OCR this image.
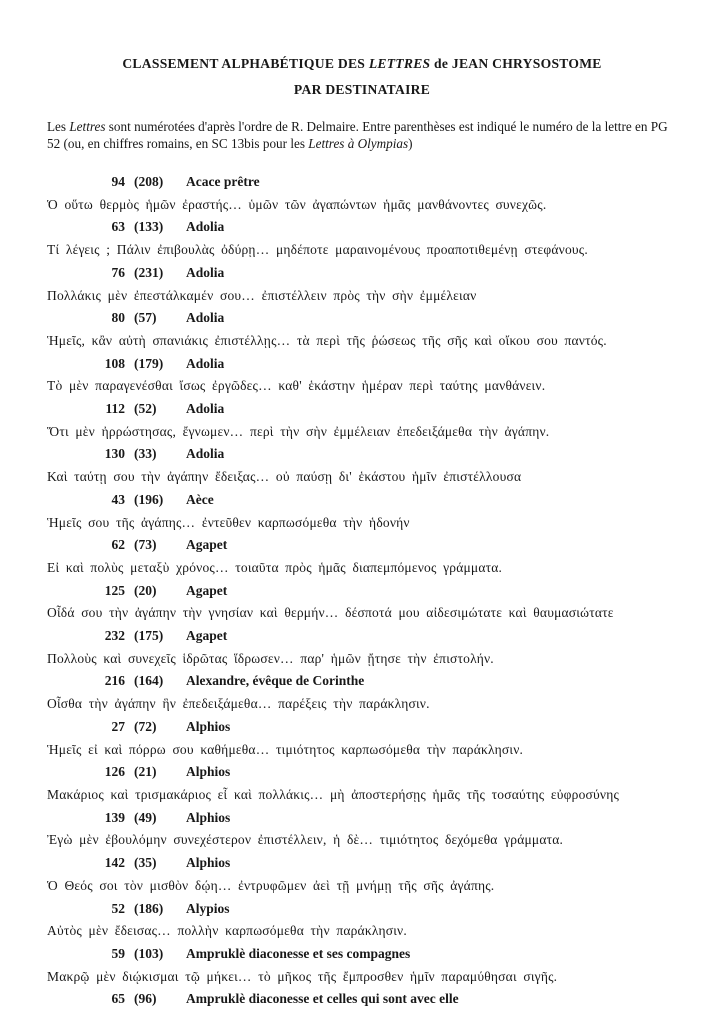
CLASSEMENT ALPHABÉTIQUE DES LETTRES de JEAN CHRYSOSTOME
PAR DESTINATAIRE

Les Lettres sont numérotées d'après l'ordre de R. Delmaire. Entre parenthèses est indiqué le numéro de la lettre en PG 52 (ou, en chiffres romains, en SC 13bis pour les Lettres à Olympias)

94 (208)	Acace prêtre
Ὁ οὕτω θερμὸς ἡμῶν ἐραστής… ὑμῶν τῶν ἀγαπώντων ἡμᾶς μανθάνοντες συνεχῶς.
63 (133)	Adolia
Τί λέγεις ; Πάλιν ἐπιβουλὰς ὀδύρῃ… μηδέποτε μαραινομένους προαποτιθεμένῃ στεφάνους.
76 (231)	Adolia
Πολλάκις μὲν ἐπεστάλκαμέν σου… ἐπιστέλλειν πρὸς τὴν σὴν ἐμμέλειαν
80 (57)	Adolia
Ἡμεῖς, κἂν αὐτὴ σπανιάκις ἐπιστέλλῃς… τὰ περὶ τῆς ῥώσεως τῆς σῆς καὶ οἴκου σου παντός.
108 (179)	Adolia
Τὸ μὲν παραγενέσθαι ἴσως ἐργῶδες… καθ' ἑκάστην ἡμέραν περὶ ταύτης μανθάνειν.
112 (52)	Adolia
Ὅτι μὲν ἠρρώστησας, ἔγνωμεν… περὶ τὴν σὴν ἐμμέλειαν ἐπεδειξάμεθα τὴν ἀγάπην.
130 (33)	Adolia
Καὶ ταύτῃ σου τὴν ἀγάπην ἔδειξας… οὐ παύσῃ δι' ἑκάστου ἡμῖν ἐπιστέλλουσα
43 (196)	Aèce
Ἡμεῖς σου τῆς ἀγάπης… ἐντεῦθεν καρπωσόμεθα τὴν ἡδονήν
62 (73)	Agapet
Εἰ καὶ πολὺς μεταξὺ χρόνος… τοιαῦτα πρὸς ἡμᾶς διαπεμπόμενος γράμματα.
125 (20)	Agapet
Οἶδά σου τὴν ἀγάπην τὴν γνησίαν καὶ θερμήν… δέσποτά μου αἰδεσιμώτατε καὶ θαυμασιώτατε
232 (175)	Agapet
Πολλοὺς καὶ συνεχεῖς ἱδρῶτας ἵδρωσεν… παρ' ἡμῶν ᾔτησε τὴν ἐπιστολήν.
216 (164)	Alexandre, évêque de Corinthe
Οἶσθα τὴν ἀγάπην ἣν ἐπεδειξάμεθα… παρέξεις τὴν παράκλησιν.
27 (72)	Alphios
Ἡμεῖς εἰ καὶ πόρρω σου καθήμεθα… τιμιότητος καρπωσόμεθα τὴν παράκλησιν.
126 (21)	Alphios
Μακάριος καὶ τρισμακάριος εἶ καὶ πολλάκις… μὴ ἀποστερήσῃς ἡμᾶς τῆς τοσαύτης εὐφροσύνης
139 (49)	Alphios
Ἐγὼ μὲν ἐβουλόμην συνεχέστερον ἐπιστέλλειν, ἡ δὲ… τιμιότητος δεχόμεθα γράμματα.
142 (35)	Alphios
Ὁ Θεός σοι τὸν μισθὸν δῴη… ἐντρυφῶμεν ἀεὶ τῇ μνήμῃ τῆς σῆς ἀγάπης.
52 (186)	Alypios
Αὐτὸς μὲν ἔδεισας… πολλὴν καρπωσόμεθα τὴν παράκλησιν.
59 (103)	Ampruklè diaconesse et ses compagnes
Μακρῷ μὲν διῴκισμαι τῷ μήκει… τὸ μῆκος τῆς ἔμπροσθεν ἡμῖν παραμύθησαι σιγῆς.
65 (96)	Ampruklè diaconesse et celles qui sont avec elle
